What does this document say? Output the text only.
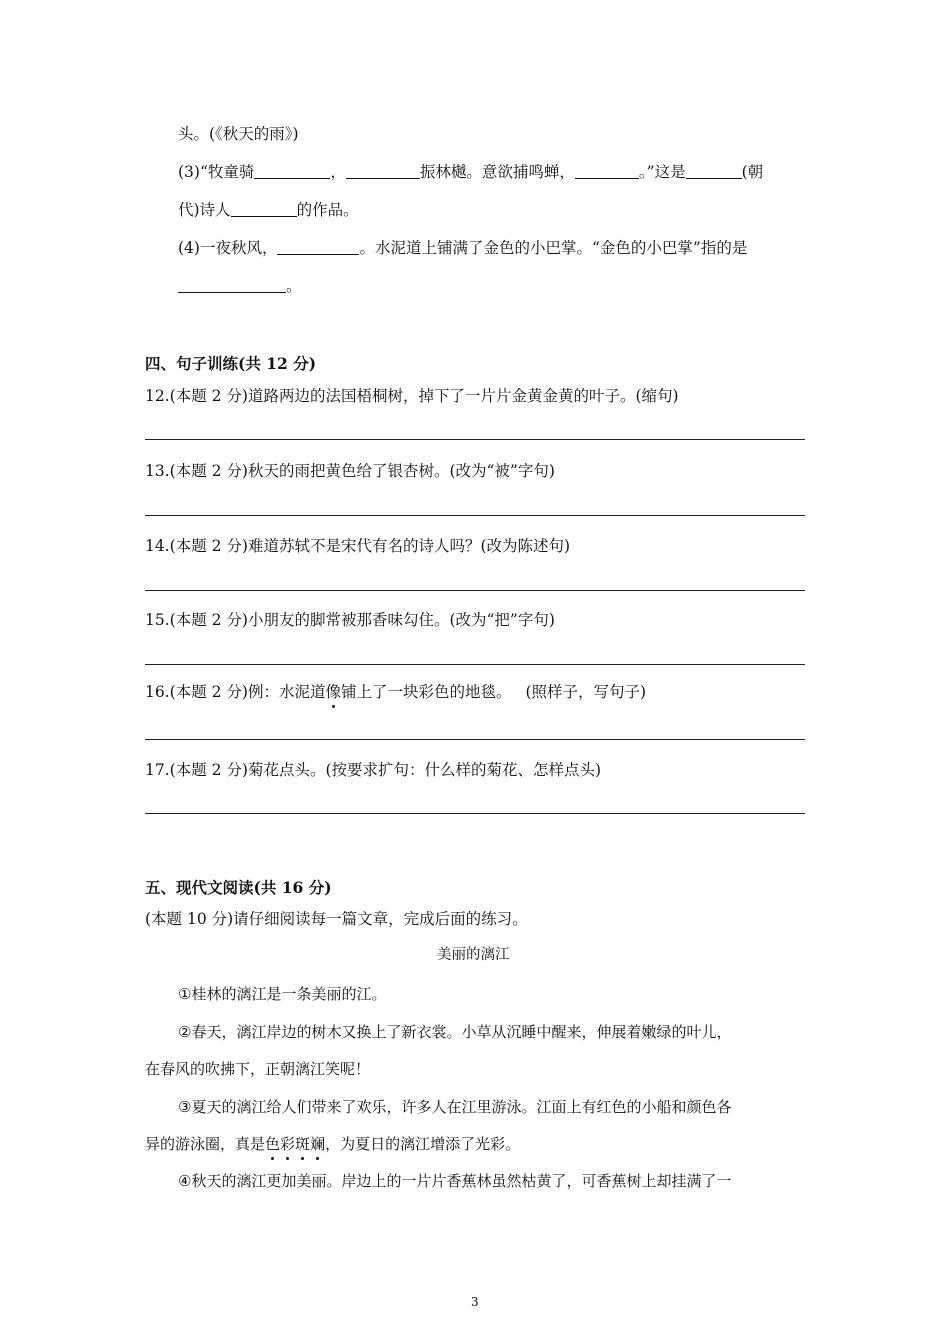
头。(《秋天的雨》)
(3)“牧童骑	，	振林樾。意欲捕鸣蝉，	。”这是	(朝
代)诗人	的作品。
(4)一夜秋风，	。水泥道上铺满了金色的小巴掌。“金色的小巴掌”指的是
。
四、句子训练(共 12 分)
12.(本题 2 分)道路两边的法国梧桐树，掉下了一片片金黄金黄的叶子。(缩句)
13.(本题 2 分)秋天的雨把黄色给了银杏树。(改为“被”字句)
14.(本题 2 分)难道苏轼不是宋代有名的诗人吗？(改为陈述句)
15.(本题 2 分)小朋友的脚常被那香味勾住。(改为“把”字句)
16.(本题 2 分)例：水泥道像铺上了一块彩色的地毯。 (照样子，写句子)
17.(本题 2 分)菊花点头。(按要求扩句：什么样的菊花、怎样点头)
五、现代文阅读(共 16 分)
(本题 10 分)请仔细阅读每一篇文章，完成后面的练习。
美丽的漓江
①桂林的漓江是一条美丽的江。
②春天，漓江岸边的树木又换上了新衣裳。小草从沉睡中醒来，伸展着嫩绿的叶儿，
在春风的吹拂下，正朝漓江笑呢！
③夏天的漓江给人们带来了欢乐，许多人在江里游泳。江面上有红色的小船和颜色各
异的游泳圈，真是色彩斑斓，为夏日的漓江增添了光彩。
④秋天的漓江更加美丽。岸边上的一片片香蕉林虽然枯黄了，可香蕉树上却挂满了一
3
